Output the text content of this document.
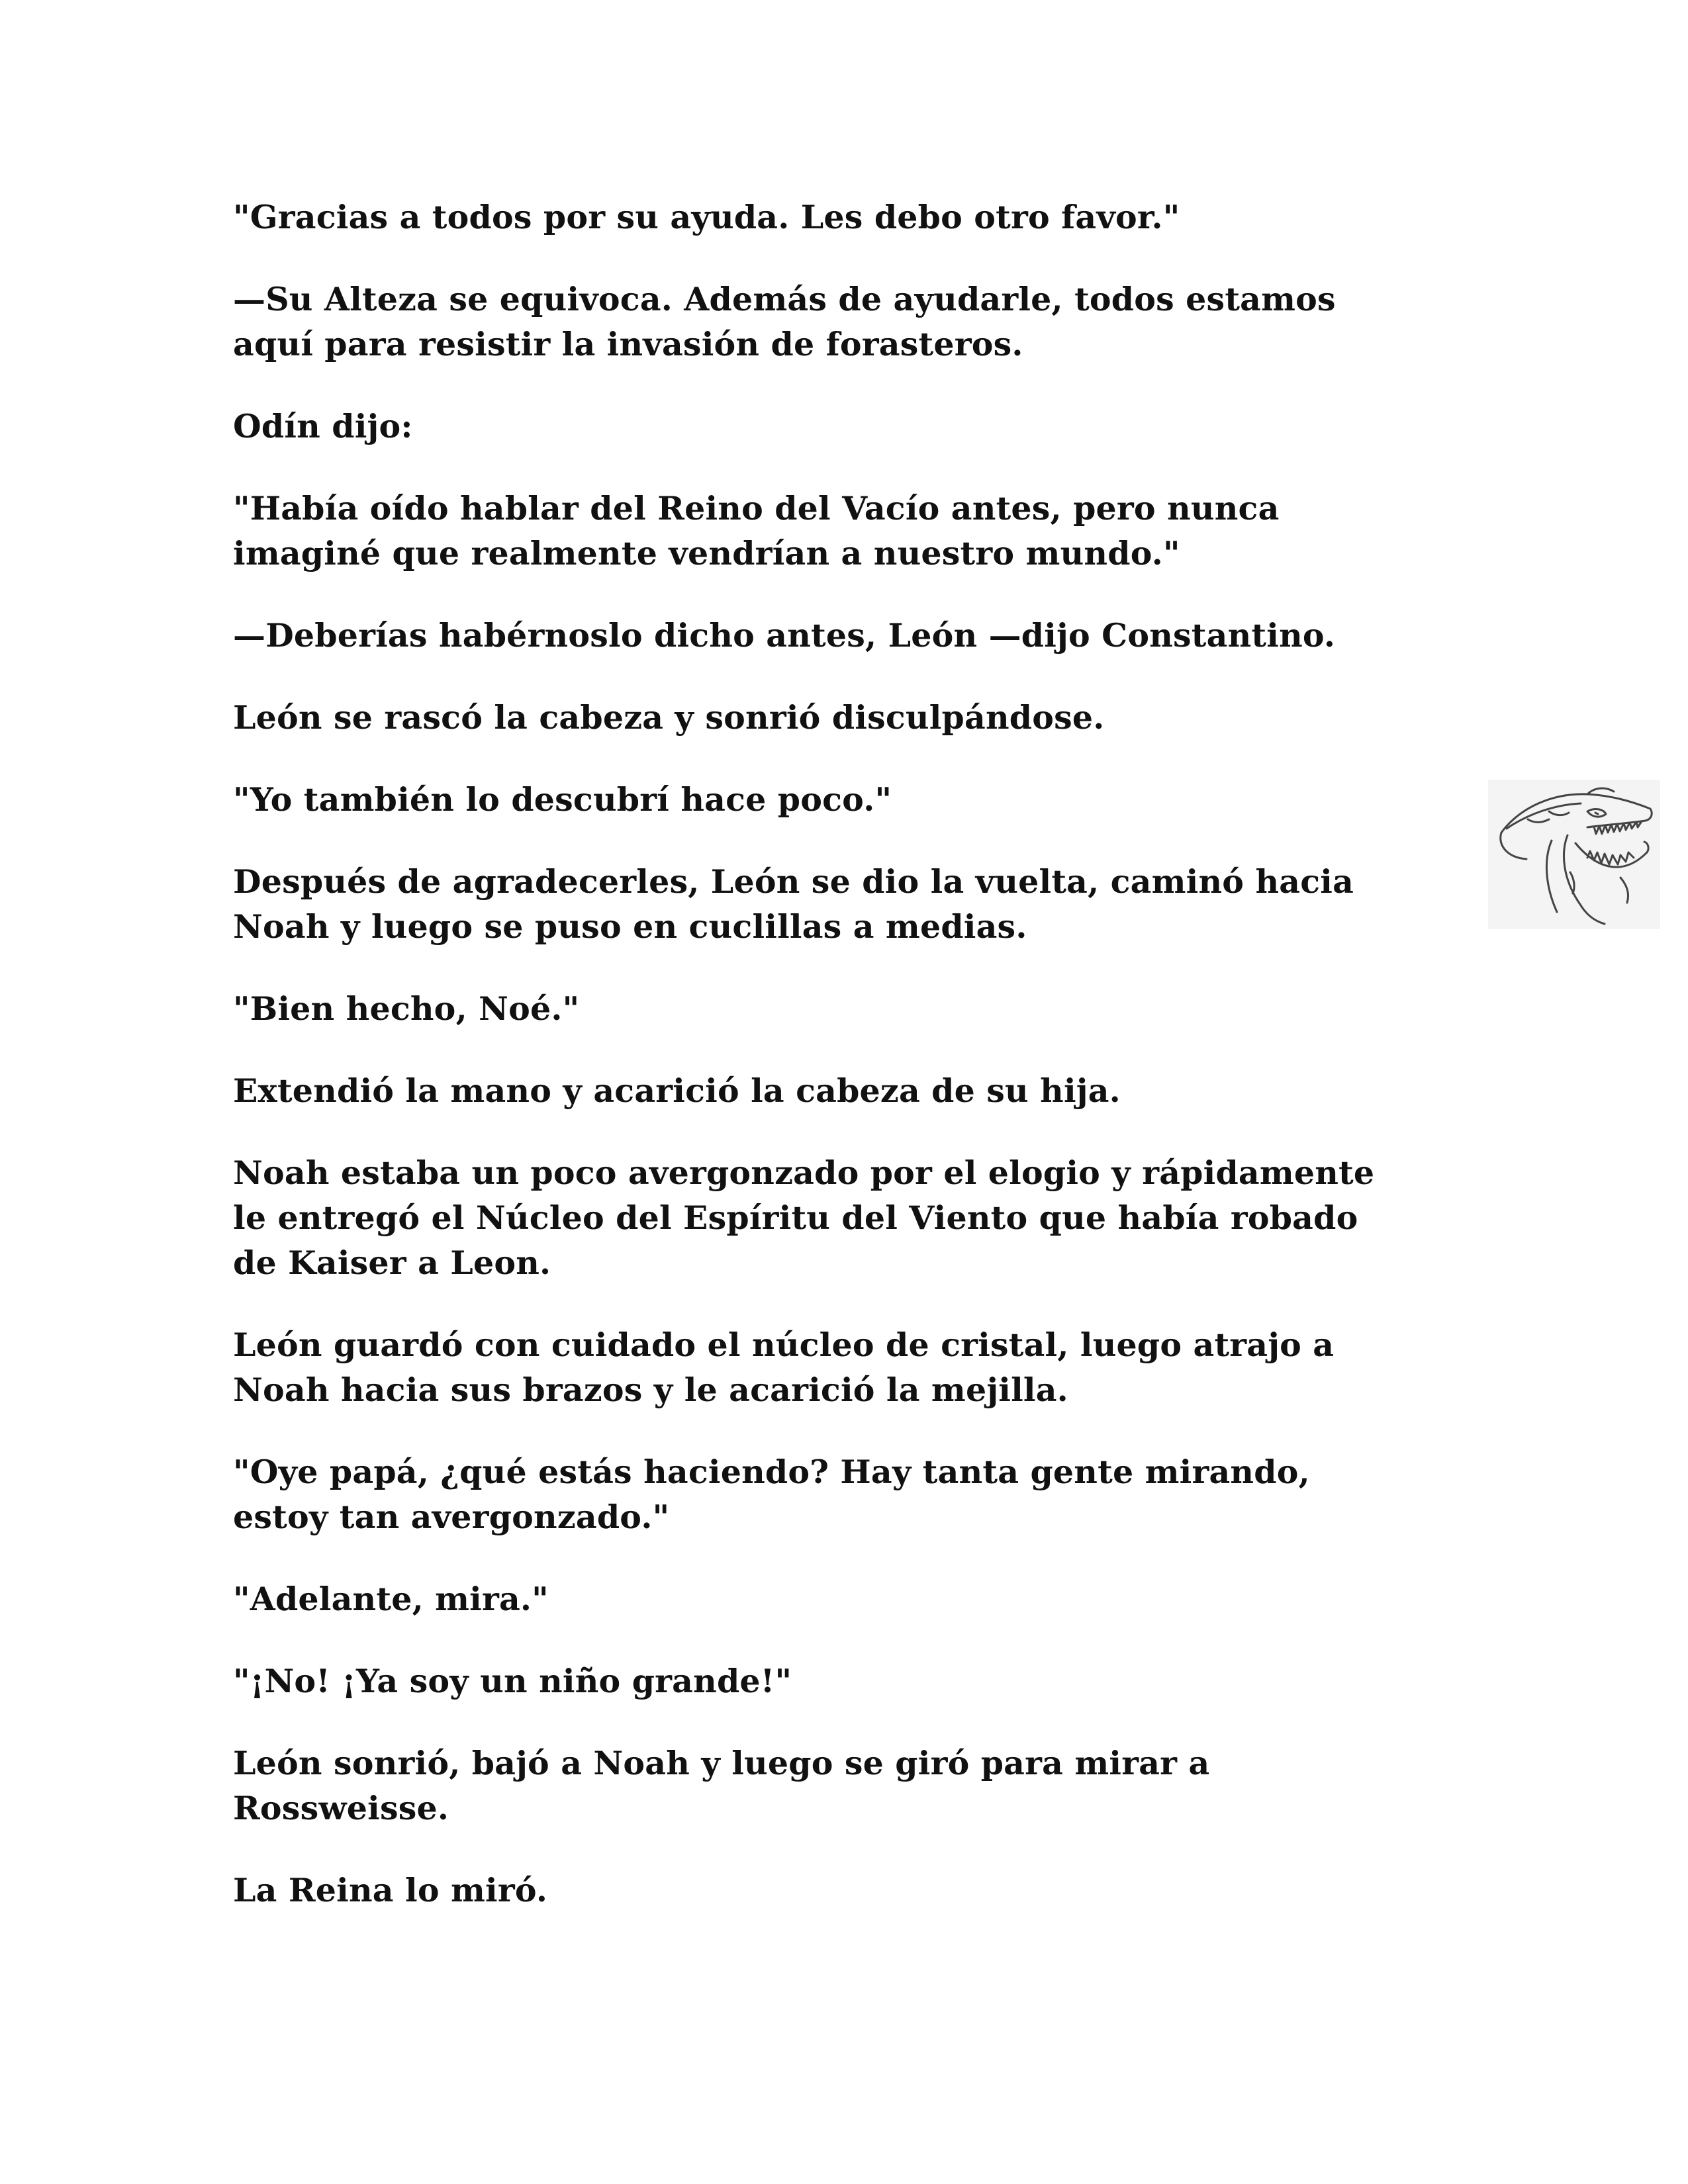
"Gracias a todos por su ayuda. Les debo otro favor."

—Su Alteza se equivoca. Además de ayudarle, todos estamos
aquí para resistir la invasión de forasteros.

Odín dijo:

"Había oído hablar del Reino del Vacío antes, pero nunca
imaginé que realmente vendrían a nuestro mundo."

—Deberías habérnoslo dicho antes, León —dijo Constantino.

León se rascó la cabeza y sonrió disculpándose.

"Yo también lo descubrí hace poco."

Después de agradecerles, León se dio la vuelta, caminó hacia
Noah y luego se puso en cuclillas a medias.

"Bien hecho, Noé."

Extendió la mano y acarició la cabeza de su hija.

Noah estaba un poco avergonzado por el elogio y rápidamente
le entregó el Núcleo del Espíritu del Viento que había robado
de Kaiser a Leon.

León guardó con cuidado el núcleo de cristal, luego atrajo a
Noah hacia sus brazos y le acarició la mejilla.

"Oye papá, ¿qué estás haciendo? Hay tanta gente mirando,
estoy tan avergonzado."

"Adelante, mira."

"¡No! ¡Ya soy un niño grande!"

León sonrió, bajó a Noah y luego se giró para mirar a
Rossweisse.

La Reina lo miró.
